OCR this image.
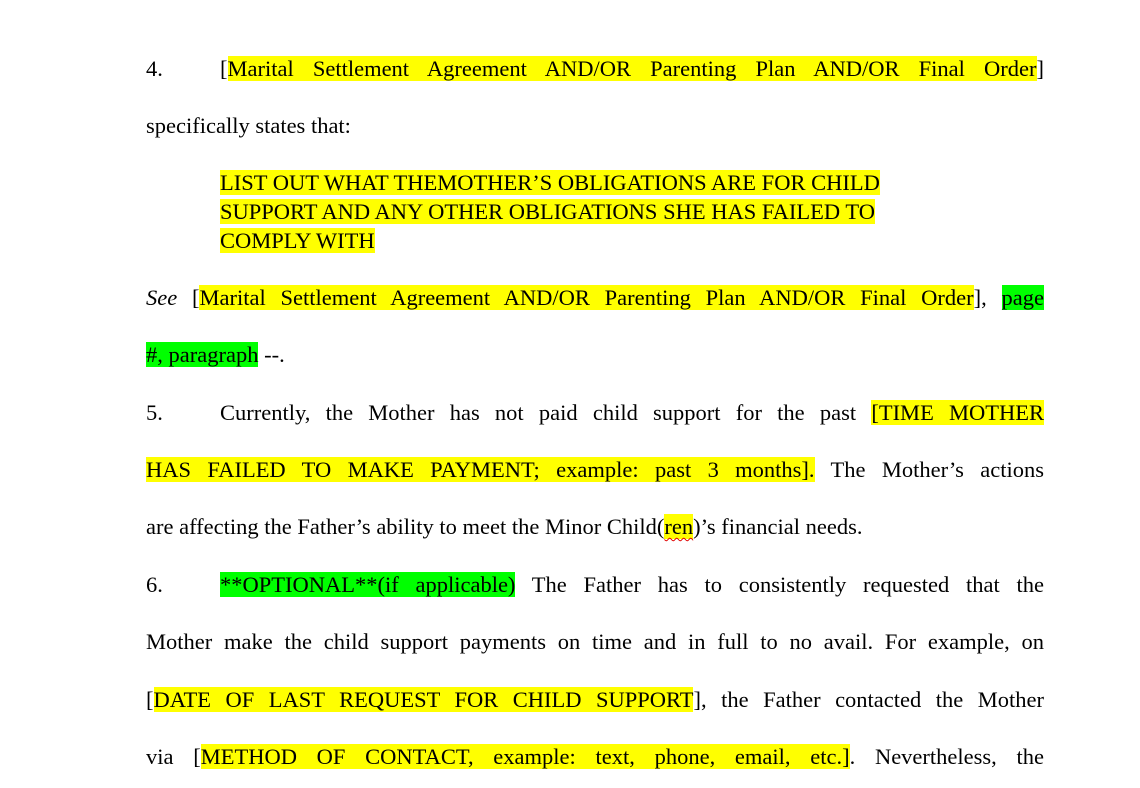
4.	[Marital Settlement Agreement AND/OR Parenting Plan AND/OR Final Order]
specifically states that:
LIST OUT WHAT THEMOTHER’S OBLIGATIONS ARE FOR CHILD
SUPPORT AND ANY OTHER OBLIGATIONS SHE HAS FAILED TO
COMPLY WITH
See [Marital Settlement Agreement AND/OR Parenting Plan AND/OR Final Order], page
#, paragraph --.
5.	Currently, the Mother has not paid child support for the past [TIME MOTHER
HAS FAILED TO MAKE PAYMENT; example: past 3 months]. The Mother’s actions
are affecting the Father’s ability to meet the Minor Child(ren)’s financial needs.
6.	**OPTIONAL**(if applicable) The Father has to consistently requested that the
Mother make the child support payments on time and in full to no avail. For example, on
[DATE OF LAST REQUEST FOR CHILD SUPPORT], the Father contacted the Mother
via [METHOD OF CONTACT, example: text, phone, email, etc.]. Nevertheless, the
